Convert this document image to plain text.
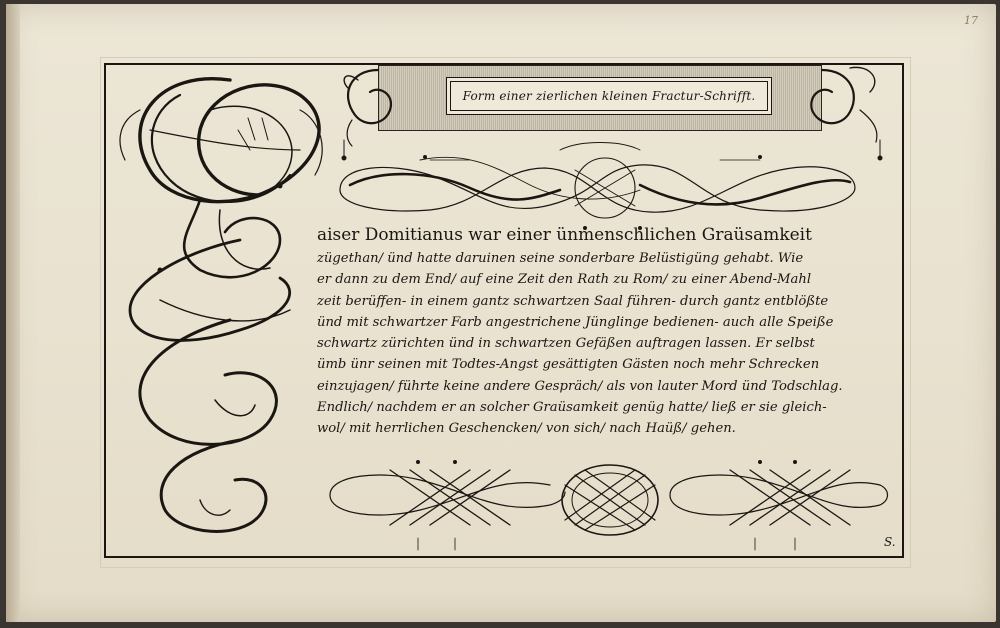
17
Form einer zierlichen kleinen Fractur-Schrifft.
aiser Domitianus war einer ünmenschlichen Graüsamkeit
zügethan/ ünd hatte daruinen seine sonderbare Belüstigüng gehabt. Wie
er dann zu dem End/ auf eine Zeit den Rath zu Rom/ zu einer Abend-Mahl
zeit berüffen- in einem gantz schwartzen Saal führen- durch gantz entblößte
ünd mit schwartzer Farb angestrichene Jünglinge bedienen- auch alle Speiße
schwartz zürichten ünd in schwartzen Gefäßen auftragen lassen. Er selbst
ümb ünr seinen mit Todtes-Angst gesättigten Gästen noch mehr Schrecken
einzujagen/ führte keine andere Gespräch/ als von lauter Mord ünd Todschlag.
Endlich/ nachdem er an solcher Graüsamkeit genüg hatte/ ließ er sie gleich-
wol/ mit herrlichen Geschencken/ von sich/ nach Haüß/ gehen.
S.
